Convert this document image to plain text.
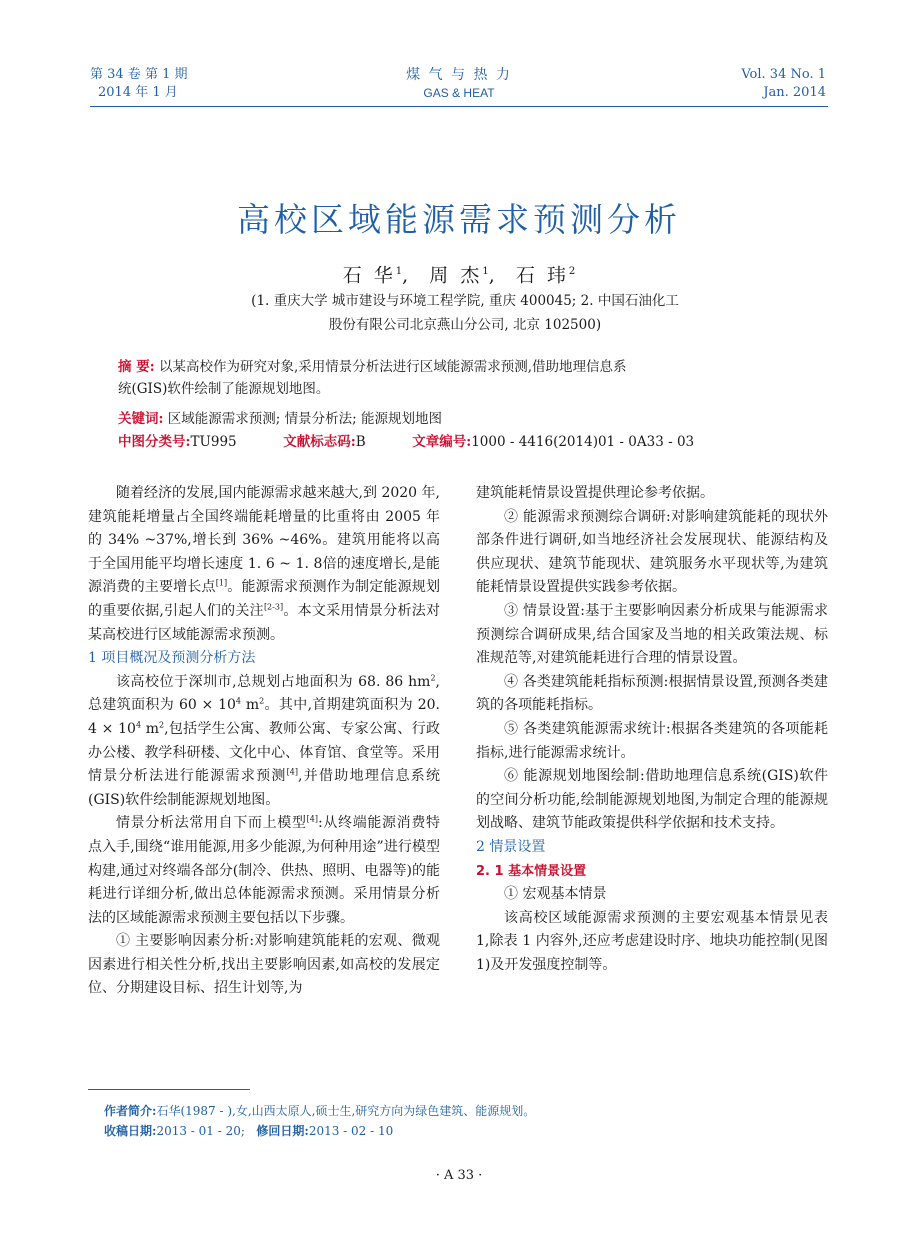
第 34 卷 第 1 期
2014 年 1 月
煤 气 与 热 力
GAS & HEAT
Vol. 34 No. 1
Jan. 2014
高校区域能源需求预测分析
石 华$^1$,  周 杰$^1$,  石 玮$^2$
(1. 重庆大学 城市建设与环境工程学院, 重庆 400045; 2. 中国石油化工
股份有限公司北京燕山分公司, 北京 102500)
摘 要: 以某高校作为研究对象,采用情景分析法进行区域能源需求预测,借助地理信息系
统(GIS)软件绘制了能源规划地图。
关键词: 区域能源需求预测; 情景分析法; 能源规划地图
中图分类号:TU995	文献标志码:B	文章编号:1000 - 4416(2014)01 - 0A33 - 03

随着经济的发展,国内能源需求越来越大,到 2020 年,建筑能耗增量占全国终端能耗增量的比重将由 2005 年的 34% ~37%,增长到 36% ~46%。建筑用能将以高于全国用能平均增长速度 1. 6 ~ 1. 8倍的速度增长,是能源消费的主要增长点[1]。能源需求预测作为制定能源规划的重要依据,引起人们的关注[2-3]。本文采用情景分析法对某高校进行区域能源需求预测。

1 项目概况及预测分析方法

该高校位于深圳市,总规划占地面积为 68. 86 $hm^2$,总建筑面积为 $60 \times 10^4$ $m^2$。其中,首期建筑面积为 20. $4 \times 10^4$ $m^2$,包括学生公寓、教师公寓、专家公寓、行政办公楼、教学科研楼、文化中心、体育馆、食堂等。采用情景分析法进行能源需求预测[4],并借助地理信息系统(GIS)软件绘制能源规划地图。

情景分析法常用自下而上模型[4]:从终端能源消费特点入手,围绕“谁用能源,用多少能源,为何种用途”进行模型构建,通过对终端各部分(制冷、供热、照明、电器等)的能耗进行详细分析,做出总体能源需求预测。采用情景分析法的区域能源需求预测主要包括以下步骤。

① 主要影响因素分析:对影响建筑能耗的宏观、微观因素进行相关性分析,找出主要影响因素,如高校的发展定位、分期建设目标、招生计划等,为

建筑能耗情景设置提供理论参考依据。

② 能源需求预测综合调研:对影响建筑能耗的现状外部条件进行调研,如当地经济社会发展现状、能源结构及供应现状、建筑节能现状、建筑服务水平现状等,为建筑能耗情景设置提供实践参考依据。

③ 情景设置:基于主要影响因素分析成果与能源需求预测综合调研成果,结合国家及当地的相关政策法规、标准规范等,对建筑能耗进行合理的情景设置。

④ 各类建筑能耗指标预测:根据情景设置,预测各类建筑的各项能耗指标。

⑤ 各类建筑能源需求统计:根据各类建筑的各项能耗指标,进行能源需求统计。

⑥ 能源规划地图绘制:借助地理信息系统(GIS)软件的空间分析功能,绘制能源规划地图,为制定合理的能源规划战略、建筑节能政策提供科学依据和技术支持。

2 情景设置

2. 1 基本情景设置

① 宏观基本情景

该高校区域能源需求预测的主要宏观基本情景见表 1,除表 1 内容外,还应考虑建设时序、地块功能控制(见图 1)及开发强度控制等。

作者简介:石华(1987 - ),女,山西太原人,硕士生,研究方向为绿色建筑、能源规划。
收稿日期:2013 - 01 - 20; 修回日期:2013 - 02 - 10
· A 33 ·
